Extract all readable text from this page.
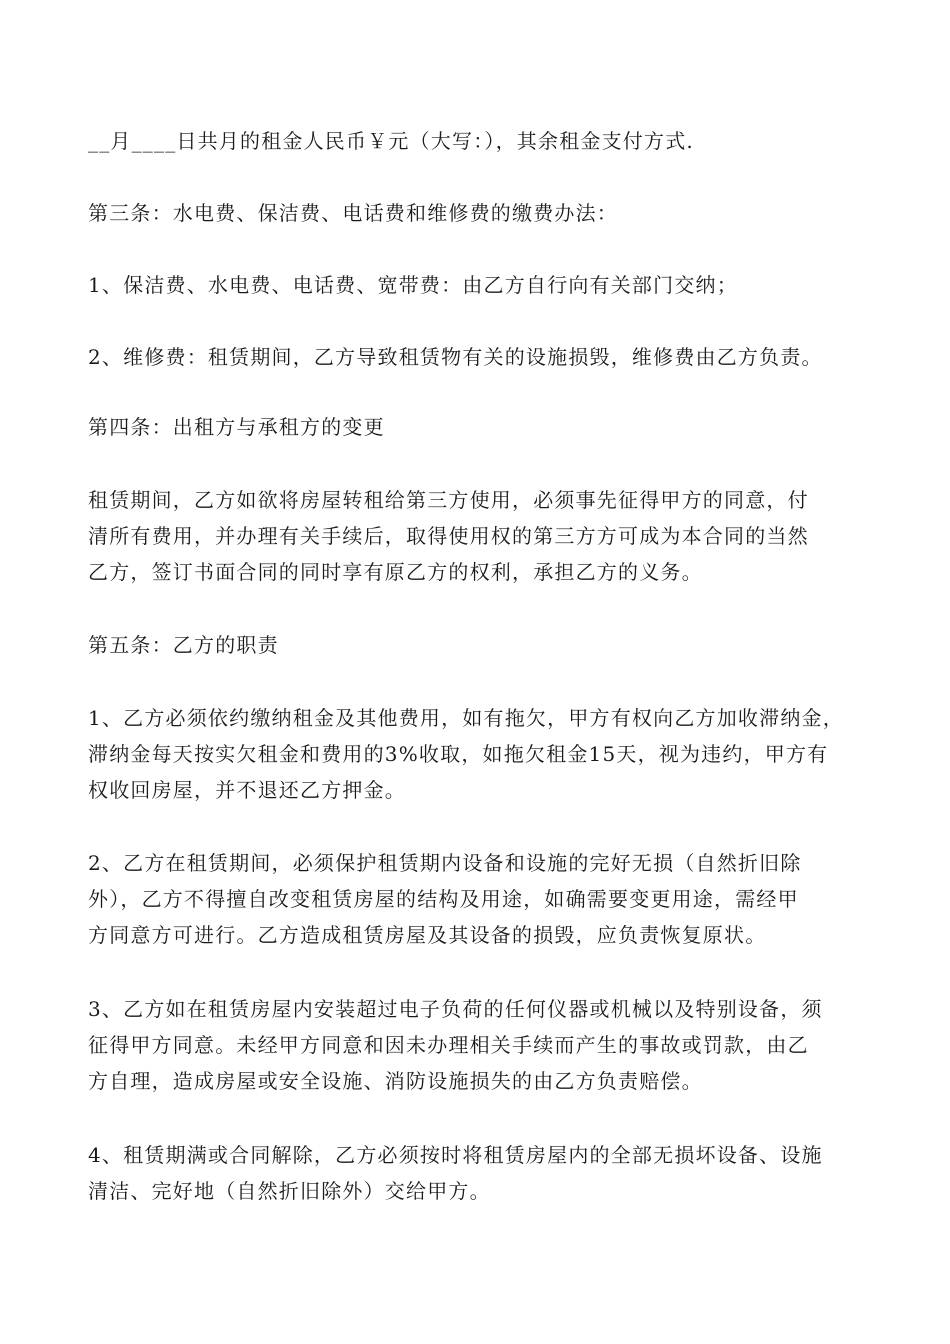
__月____日共月的租金人民币￥元（大写：），其余租金支付方式.

第三条：水电费、保洁费、电话费和维修费的缴费办法：

1、保洁费、水电费、电话费、宽带费：由乙方自行向有关部门交纳；

2、维修费：租赁期间，乙方导致租赁物有关的设施损毁，维修费由乙方负责。

第四条：出租方与承租方的变更

租赁期间，乙方如欲将房屋转租给第三方使用，必须事先征得甲方的同意，付
清所有费用，并办理有关手续后，取得使用权的第三方方可成为本合同的当然
乙方，签订书面合同的同时享有原乙方的权利，承担乙方的义务。

第五条：乙方的职责

1、乙方必须依约缴纳租金及其他费用，如有拖欠，甲方有权向乙方加收滞纳金，
滞纳金每天按实欠租金和费用的3%收取，如拖欠租金15天，视为违约，甲方有
权收回房屋，并不退还乙方押金。

2、乙方在租赁期间，必须保护租赁期内设备和设施的完好无损（自然折旧除
外），乙方不得擅自改变租赁房屋的结构及用途，如确需要变更用途，需经甲
方同意方可进行。乙方造成租赁房屋及其设备的损毁，应负责恢复原状。

3、乙方如在租赁房屋内安装超过电子负荷的任何仪器或机械以及特别设备，须
征得甲方同意。未经甲方同意和因未办理相关手续而产生的事故或罚款，由乙
方自理，造成房屋或安全设施、消防设施损失的由乙方负责赔偿。

4、租赁期满或合同解除，乙方必须按时将租赁房屋内的全部无损坏设备、设施
清洁、完好地（自然折旧除外）交给甲方。
